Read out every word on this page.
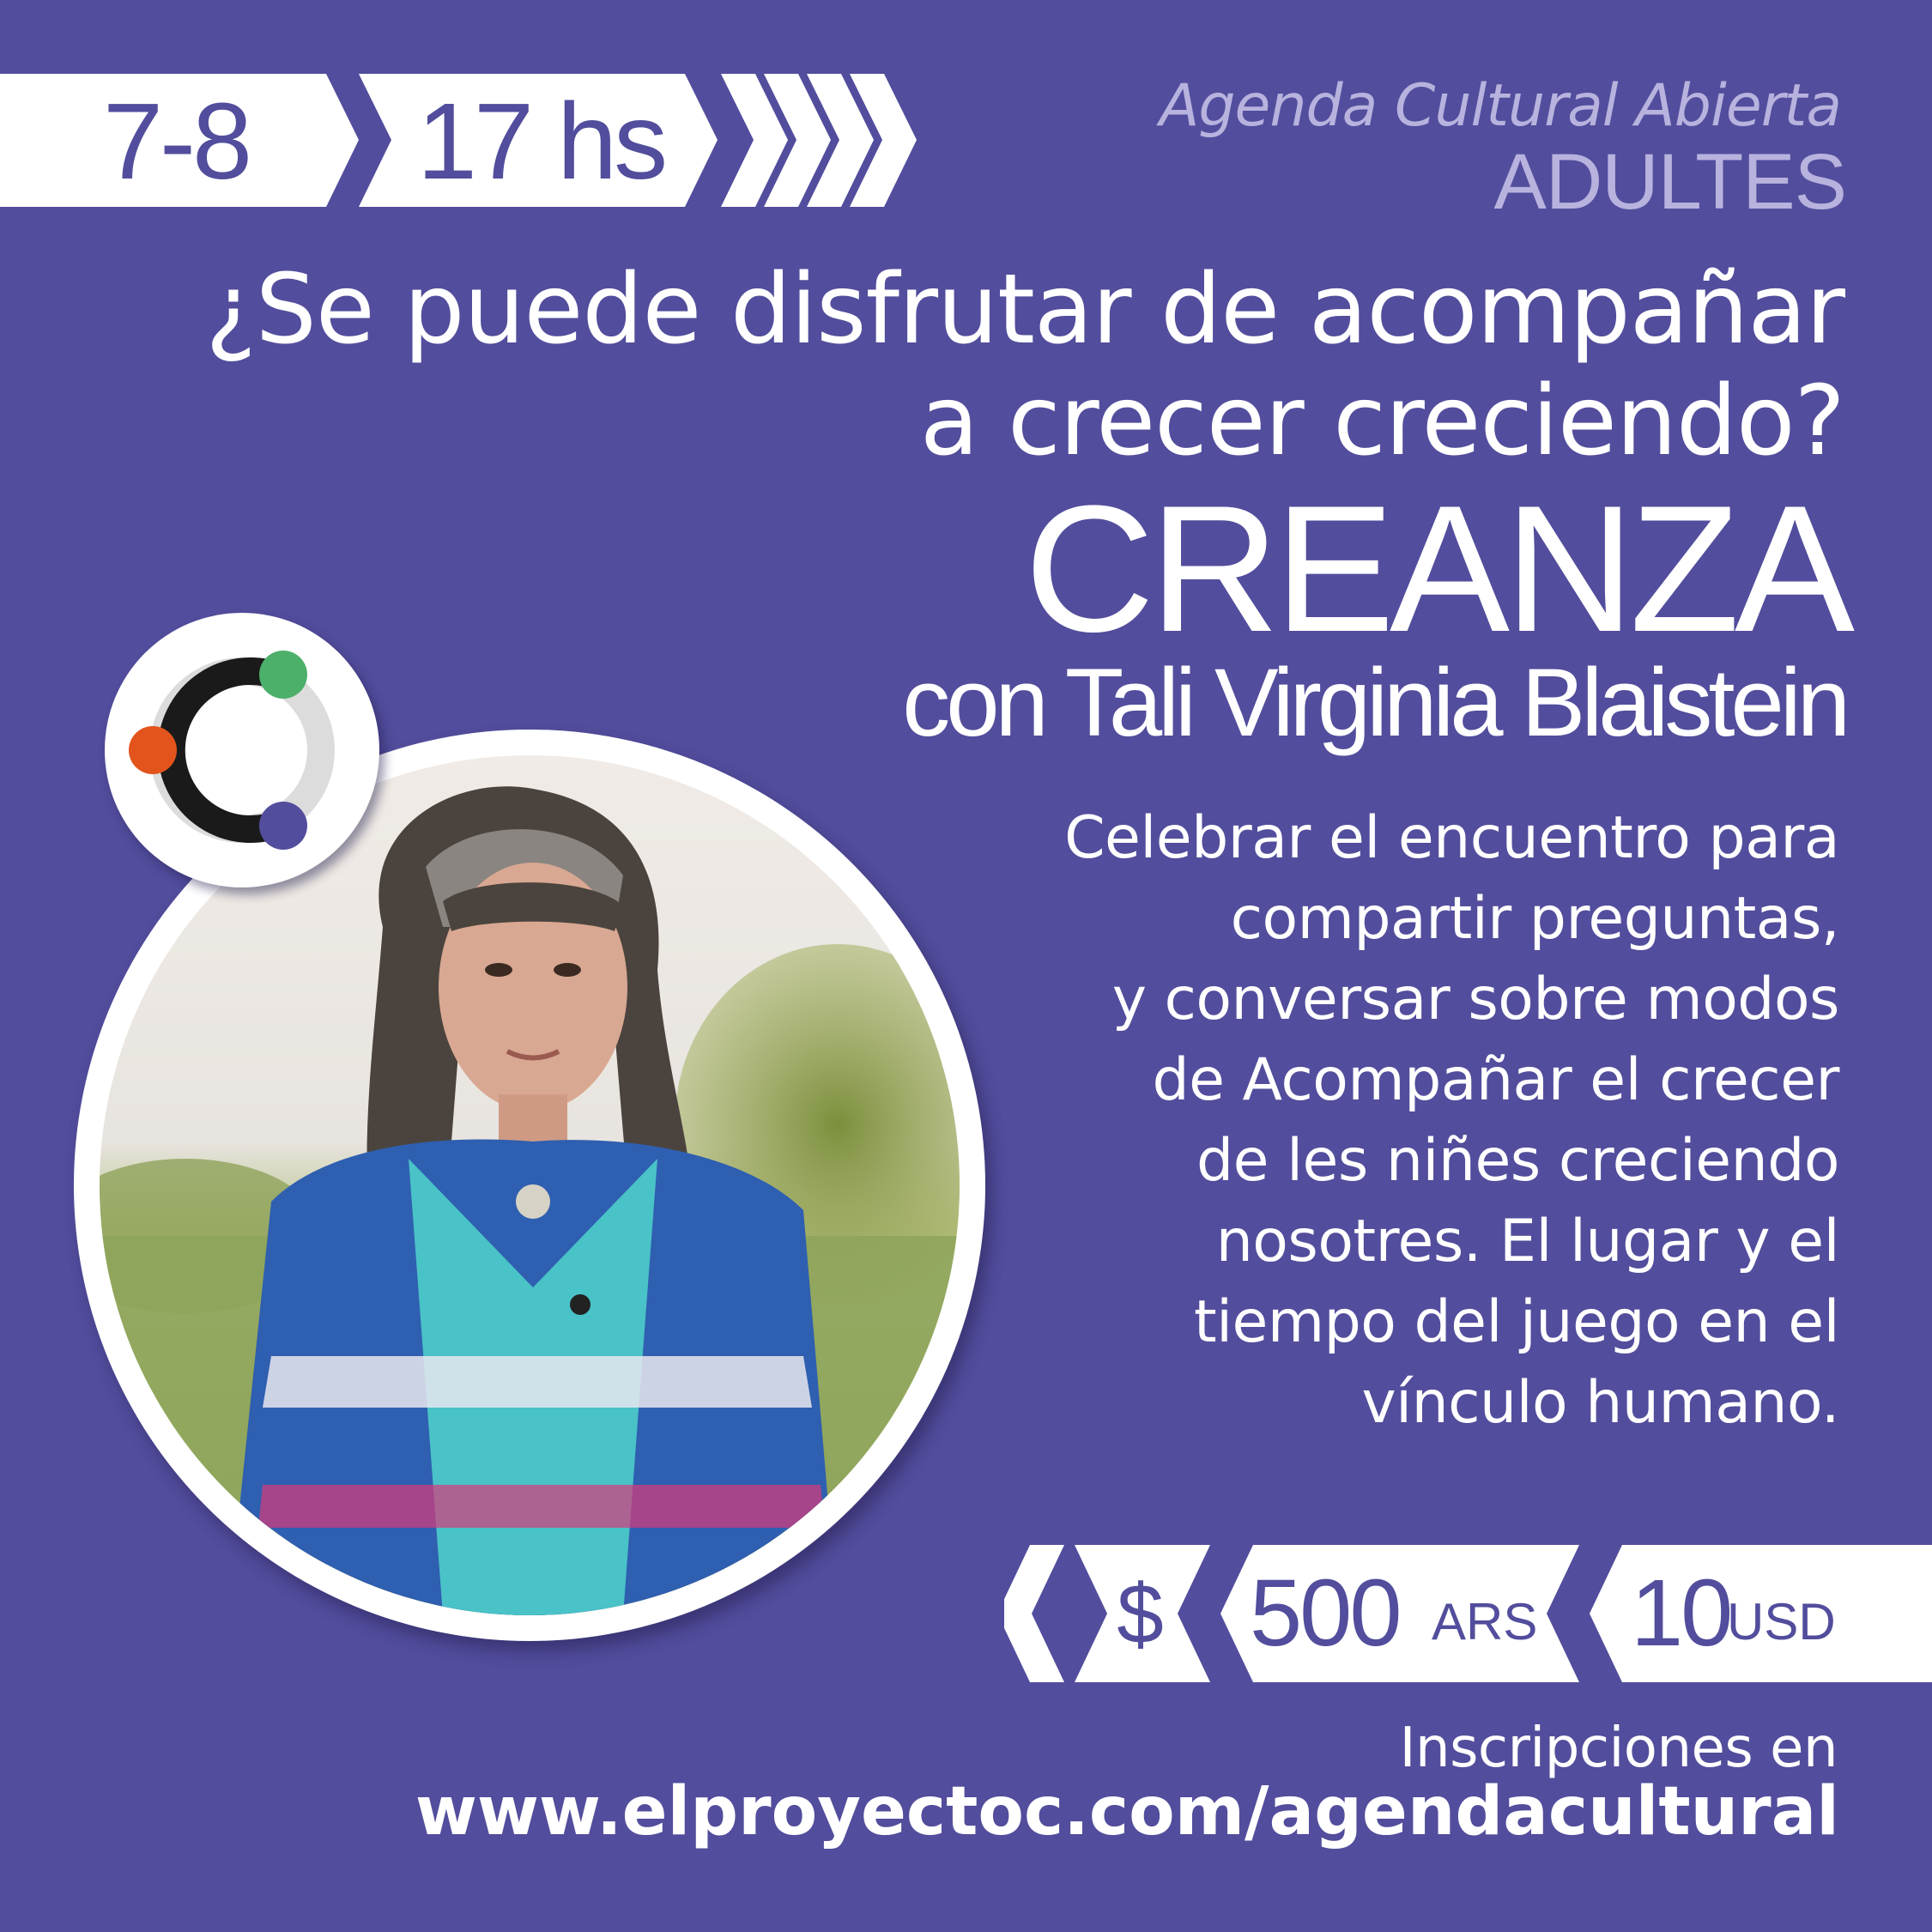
7-8	17 hs	Agenda Cultural Abierta
ADULTES
¿Se puede disfrutar de acompañar
a crecer creciendo?
CREANZA
con Tali Virginia Blaistein
Celebrar el encuentro para
compartir preguntas,
y conversar sobre modos
de Acompañar el crecer
de les niñes creciendo
nosotres. El lugar y el
tiempo del juego en el
vínculo humano.
$ 500 ARS 10
USD
Inscripciones en
www.elproyectoc.com/agendacultural
